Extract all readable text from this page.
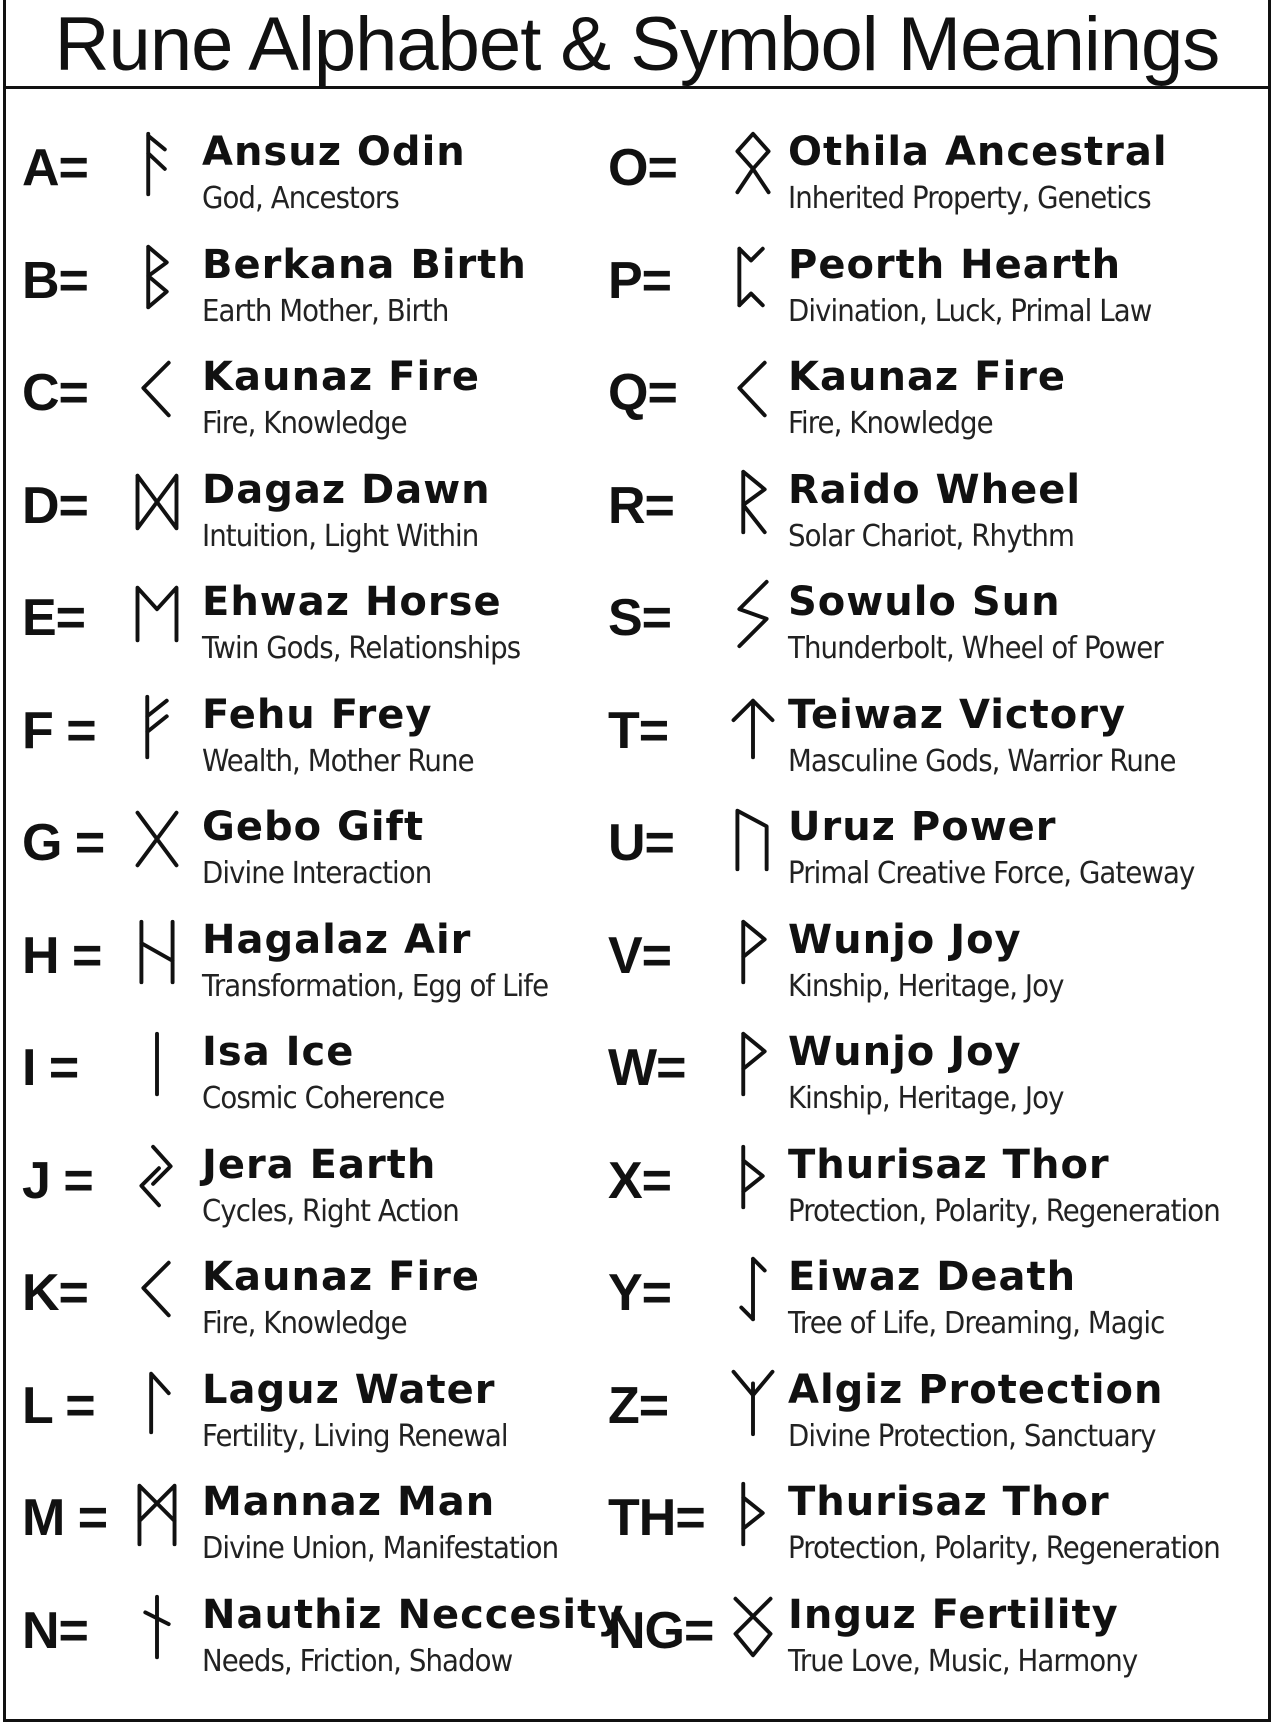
Rune Alphabet & Symbol Meanings
A=	Ansuz Odin
God, Ancestors
B=	Berkana Birth
Earth Mother, Birth
C=	Kaunaz Fire
Fire, Knowledge
D=	Dagaz Dawn
Intuition, Light Within
E=	Ehwaz Horse
Twin Gods, Relationships
F =	Fehu Frey
Wealth, Mother Rune
G = Gebo Gift
Divine Interaction
H =	Hagalaz Air
Transformation, Egg of Life
I =	Isa Ice
Cosmic Coherence
J =	Jera Earth
Cycles, Right Action
K=	Kaunaz Fire
Fire, Knowledge
L =	Laguz Water
Fertility, Living Renewal
M = Mannaz Man
Divine Union, Manifestation
N=	Nauthiz Neccesity
Needs, Friction, Shadow
O=	Othila Ancestral
Inherited Property, Genetics
P=	Peorth Hearth
Divination, Luck, Primal Law
Q=	Kaunaz Fire
Fire, Knowledge
R=	Raido Wheel
Solar Chariot, Rhythm
S=	Sowulo Sun
Thunderbolt, Wheel of Power
T=	Teiwaz Victory
Masculine Gods, Warrior Rune
U=	Uruz Power
Primal Creative Force, Gateway
V=	Wunjo Joy
Kinship, Heritage, Joy
W=	Wunjo Joy
Kinship, Heritage, Joy
X=	Thurisaz Thor
Protection, Polarity, Regeneration
Y=	Eiwaz Death
Tree of Life, Dreaming, Magic
Z=	Algiz Protection
Divine Protection, Sanctuary
TH=	Thurisaz Thor
Protection, Polarity, Regeneration
NG=	Inguz Fertility
True Love, Music, Harmony
